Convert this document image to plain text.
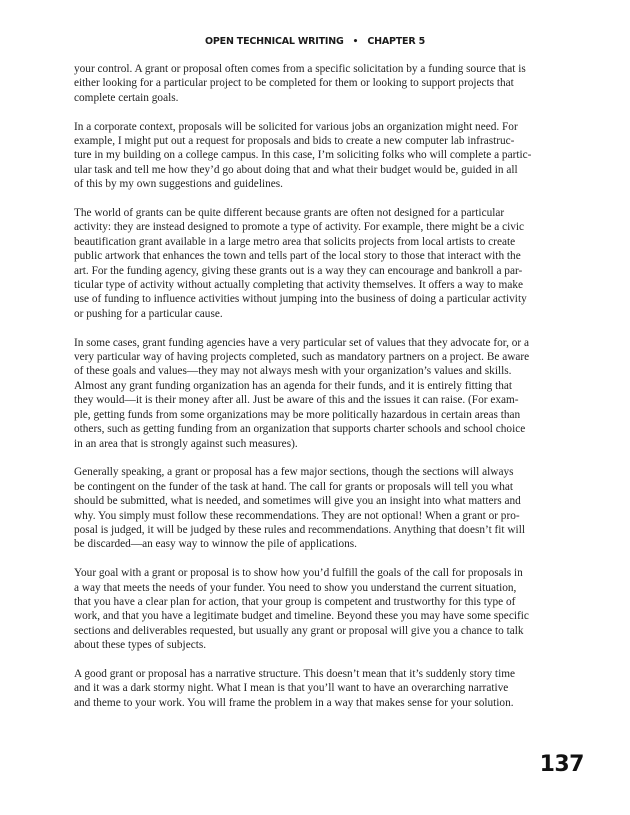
OPEN TECHNICAL WRITING • CHAPTER 5

your control. A grant or proposal often comes from a specific solicitation by a funding source that is
either looking for a particular project to be completed for them or looking to support projects that
complete certain goals.

In a corporate context, proposals will be solicited for various jobs an organization might need. For
example, I might put out a request for proposals and bids to create a new computer lab infrastruc-
ture in my building on a college campus. In this case, I’m soliciting folks who will complete a partic-
ular task and tell me how they’d go about doing that and what their budget would be, guided in all
of this by my own suggestions and guidelines.

The world of grants can be quite different because grants are often not designed for a particular
activity: they are instead designed to promote a type of activity. For example, there might be a civic
beautification grant available in a large metro area that solicits projects from local artists to create
public artwork that enhances the town and tells part of the local story to those that interact with the
art. For the funding agency, giving these grants out is a way they can encourage and bankroll a par-
ticular type of activity without actually completing that activity themselves. It offers a way to make
use of funding to influence activities without jumping into the business of doing a particular activity
or pushing for a particular cause.

In some cases, grant funding agencies have a very particular set of values that they advocate for, or a
very particular way of having projects completed, such as mandatory partners on a project. Be aware
of these goals and values—they may not always mesh with your organization’s values and skills.
Almost any grant funding organization has an agenda for their funds, and it is entirely fitting that
they would—it is their money after all. Just be aware of this and the issues it can raise. (For exam-
ple, getting funds from some organizations may be more politically hazardous in certain areas than
others, such as getting funding from an organization that supports charter schools and school choice
in an area that is strongly against such measures).

Generally speaking, a grant or proposal has a few major sections, though the sections will always
be contingent on the funder of the task at hand. The call for grants or proposals will tell you what
should be submitted, what is needed, and sometimes will give you an insight into what matters and
why. You simply must follow these recommendations. They are not optional! When a grant or pro-
posal is judged, it will be judged by these rules and recommendations. Anything that doesn’t fit will
be discarded—an easy way to winnow the pile of applications.

Your goal with a grant or proposal is to show how you’d fulfill the goals of the call for proposals in
a way that meets the needs of your funder. You need to show you understand the current situation,
that you have a clear plan for action, that your group is competent and trustworthy for this type of
work, and that you have a legitimate budget and timeline. Beyond these you may have some specific
sections and deliverables requested, but usually any grant or proposal will give you a chance to talk
about these types of subjects.

A good grant or proposal has a narrative structure. This doesn’t mean that it’s suddenly story time
and it was a dark stormy night. What I mean is that you’ll want to have an overarching narrative
and theme to your work. You will frame the problem in a way that makes sense for your solution.

137
